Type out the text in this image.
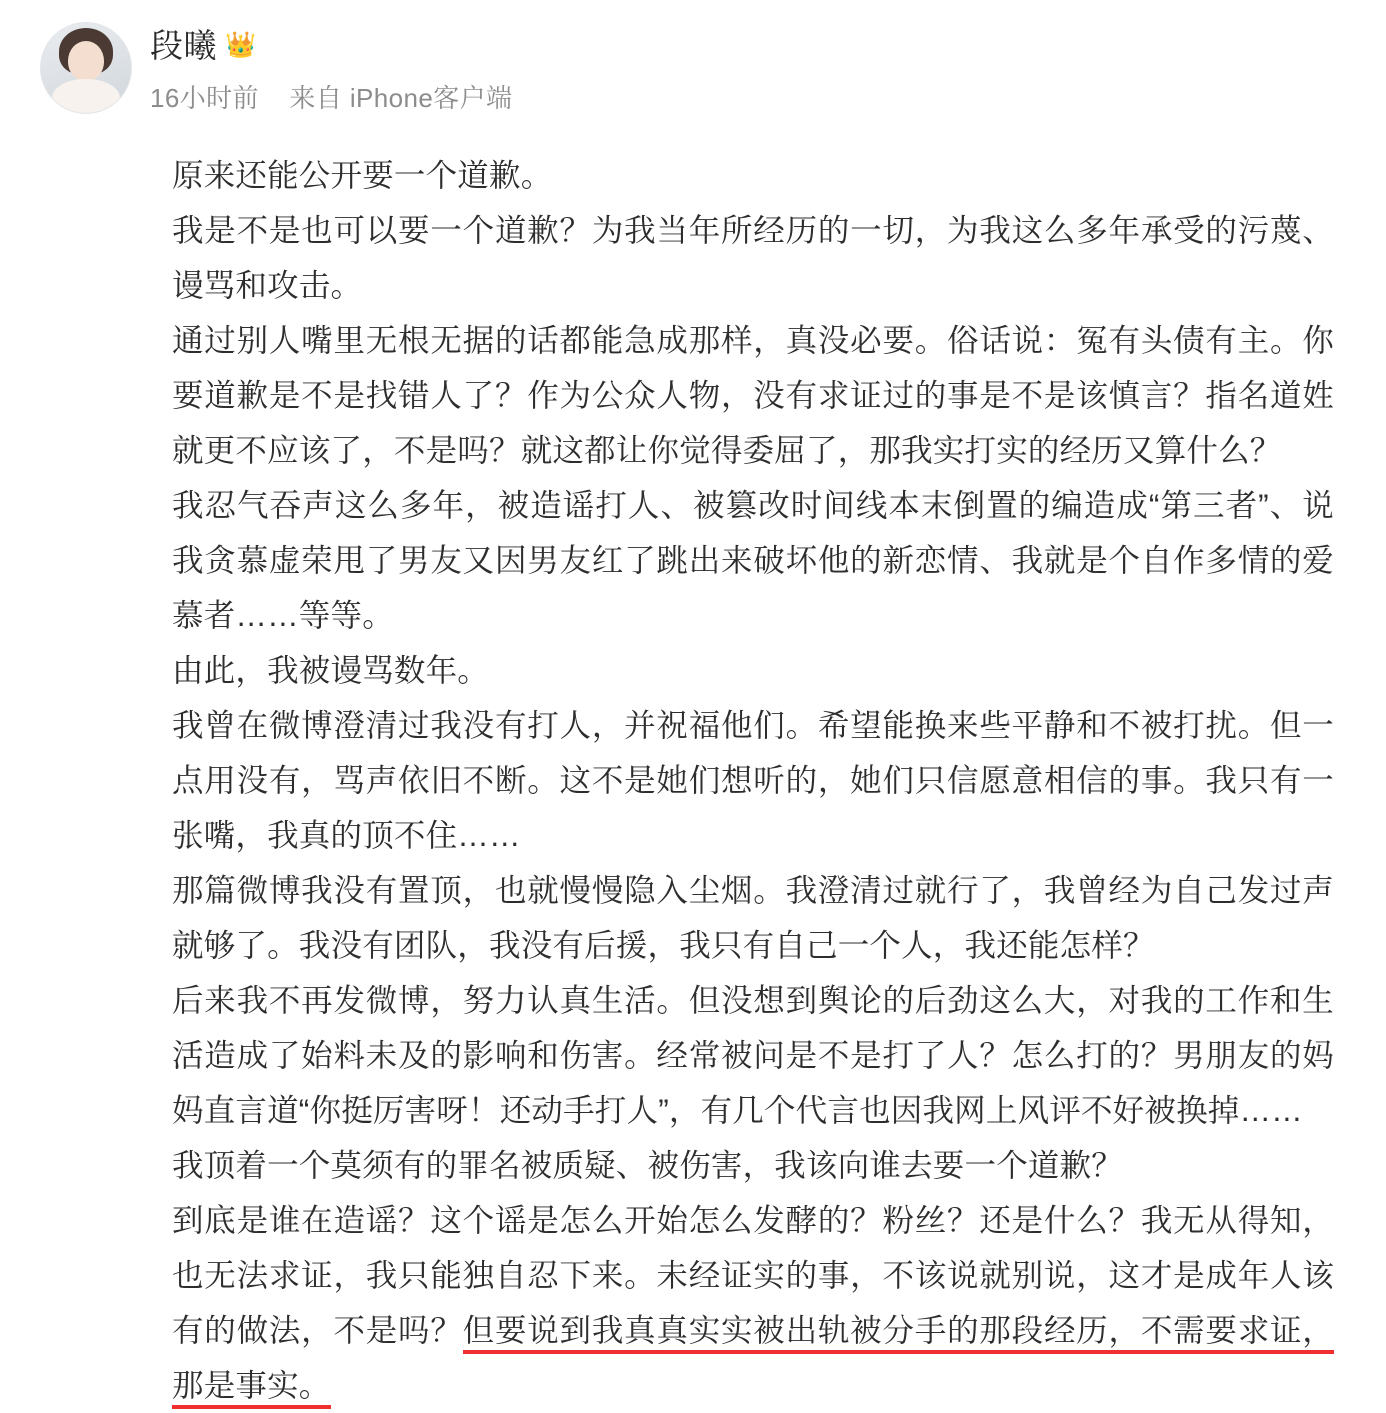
段曦 👑
16小时前 来自 iPhone客户端

原来还能公开要一个道歉。

我是不是也可以要一个道歉？为我当年所经历的一切，为我这么多年承受的污蔑、谩骂和攻击。

通过别人嘴里无根无据的话都能急成那样，真没必要。俗话说：冤有头债有主。你要道歉是不是找错人了？作为公众人物，没有求证过的事是不是该慎言？指名道姓就更不应该了，不是吗？就这都让你觉得委屈了，那我实打实的经历又算什么？

我忍气吞声这么多年，被造谣打人、被篡改时间线本末倒置的编造成“第三者”、说我贪慕虚荣甩了男友又因男友红了跳出来破坏他的新恋情、我就是个自作多情的爱慕者……等等。

由此，我被谩骂数年。

我曾在微博澄清过我没有打人，并祝福他们。希望能换来些平静和不被打扰。但一点用没有，骂声依旧不断。这不是她们想听的，她们只信愿意相信的事。我只有一张嘴，我真的顶不住……

那篇微博我没有置顶，也就慢慢隐入尘烟。我澄清过就行了，我曾经为自己发过声就够了。我没有团队，我没有后援，我只有自己一个人，我还能怎样？

后来我不再发微博，努力认真生活。但没想到舆论的后劲这么大，对我的工作和生活造成了始料未及的影响和伤害。经常被问是不是打了人？怎么打的？男朋友的妈妈直言道“你挺厉害呀！还动手打人”，有几个代言也因我网上风评不好被换掉……

我顶着一个莫须有的罪名被质疑、被伤害，我该向谁去要一个道歉？

到底是谁在造谣？这个谣是怎么开始怎么发酵的？粉丝？还是什么？我无从得知，也无法求证，我只能独自忍下来。未经证实的事，不该说就别说，这才是成年人该有的做法，不是吗？但要说到我真真实实被出轨被分手的那段经历，不需要求证，那是事实。
